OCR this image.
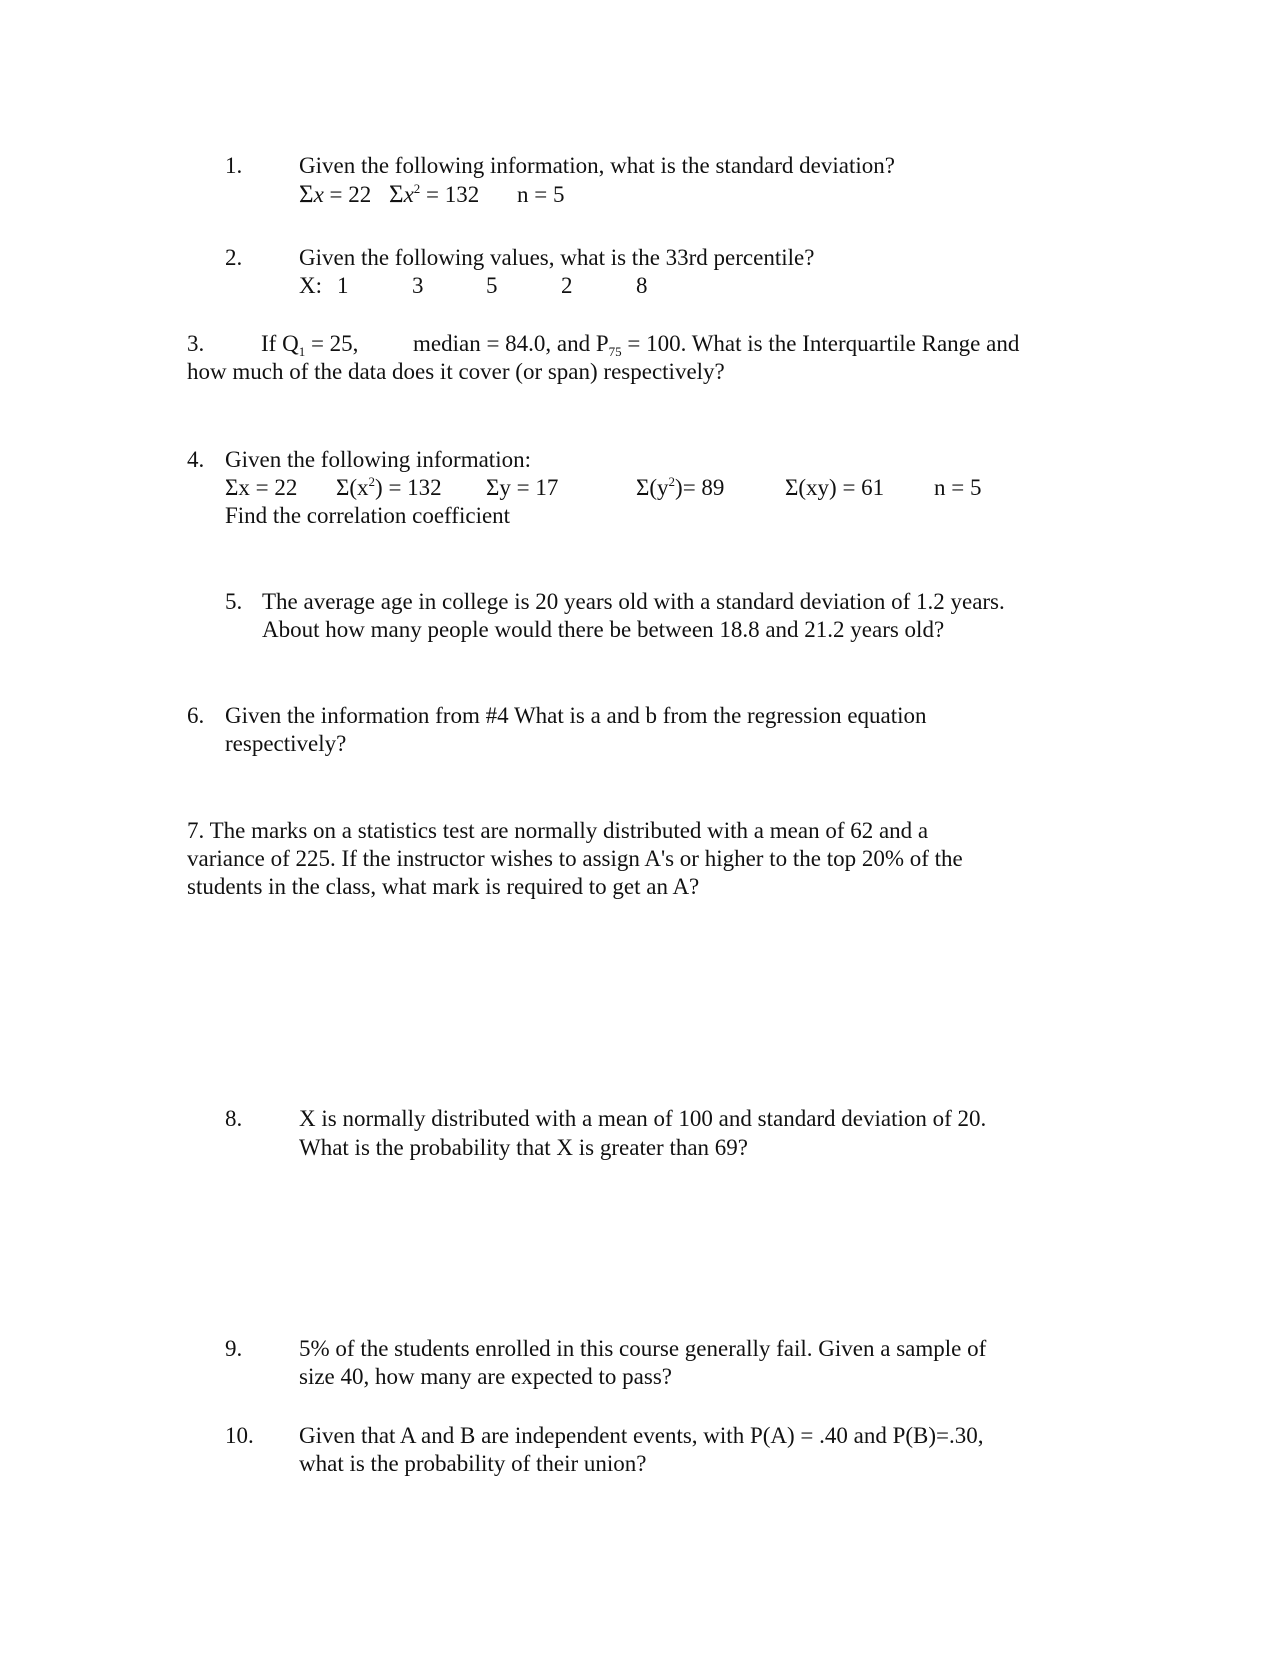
1. Given the following information, what is the standard deviation?
Σx = 22 $\Sigma x^2 = 132$ n = 5
2. Given the following values, what is the 33rd percentile?
X: 1	3	5	2	8
3. If $Q_1 = 25$, median = 84.0, and $P_{75} = 100$. What is the Interquartile Range and
how much of the data does it cover (or span) respectively?
4. Given the following information:
Σx = 22 $\Sigma(x^2) = 132$ Σy = 17	$\Sigma(y^2)= 89$	Σ(xy) = 61 n = 5
Find the correlation coefficient
5. The average age in college is 20 years old with a standard deviation of 1.2 years.
About how many people would there be between 18.8 and 21.2 years old?
6. Given the information from #4 What is a and b from the regression equation
respectively?
7. The marks on a statistics test are normally distributed with a mean of 62 and a
variance of 225. If the instructor wishes to assign A's or higher to the top 20% of the
students in the class, what mark is required to get an A?
8. X is normally distributed with a mean of 100 and standard deviation of 20.
What is the probability that X is greater than 69?
9. 5% of the students enrolled in this course generally fail. Given a sample of
size 40, how many are expected to pass?
10. Given that A and B are independent events, with P(A) = .40 and P(B)=.30,
what is the probability of their union?
